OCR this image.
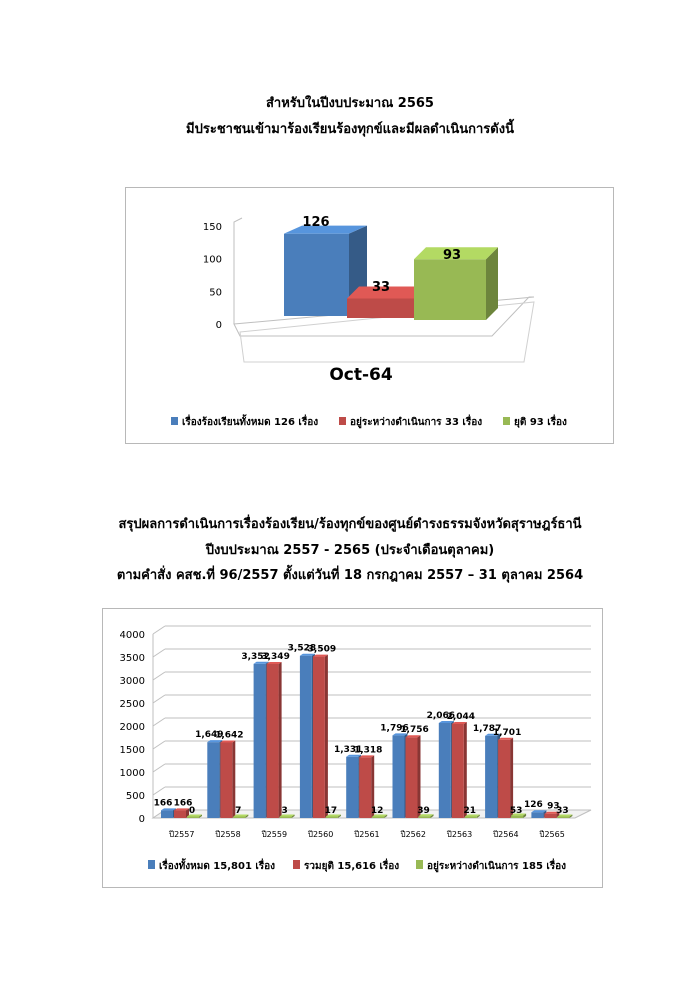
สำหรับในปีงบประมาณ 2565

มีประชาชนเข้ามาร้องเรียนร้องทุกข์และมีผลดำเนินการดังนี้

0
50
100
150	126
33
93
Oct-64
เรื่องร้องเรียนทั้งหมด 126 เรื่อง	อยู่ระหว่างดำเนินการ 33 เรื่อง	ยุติ 93 เรื่อง

สรุปผลการดำเนินการเรื่องร้องเรียน/ร้องทุกข์ของศูนย์ดำรงธรรมจังหวัดสุราษฎร์ธานี

ปีงบประมาณ 2557 - 2565 (ประจำเดือนตุลาคม)

ตามคำสั่ง คสช.ที่ 96/2557 ตั้งแต่วันที่ 18 กรกฎาคม 2557 – 31 ตุลาคม 2564

0
500
1000
1500
2000
2500
3000
3500
4000
ปี2557	ปี2558	ปี2559	ปี2560	ปี2561	ปี2562	ปี2563	ปี2564	ปี2565
166
1,649
3,352
3,528
1,331
1,796
2,066
1,787
126
166
1,642
3,349
3,509
1,318
1,756
2,044
1,701
93
0	7	3	17	12	39	21	53	33
เรื่องทั้งหมด 15,801 เรื่อง	รวมยุติ 15,616 เรื่อง	อยู่ระหว่างดำเนินการ 185 เรื่อง
